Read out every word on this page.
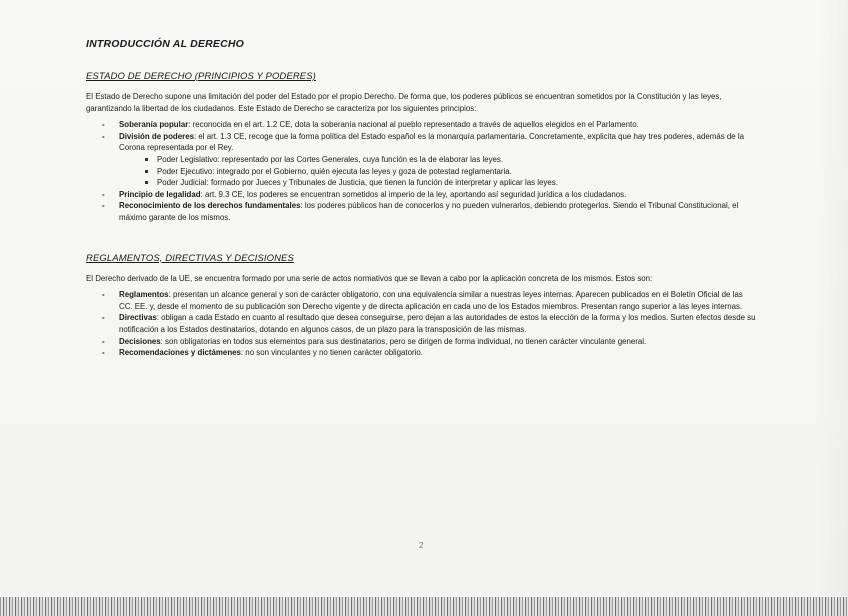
INTRODUCCIÓN AL DERECHO
ESTADO DE DERECHO (PRINCIPIOS Y PODERES)

El Estado de Derecho supone una limitación del poder del Estado por el propio Derecho. De forma que, los poderes públicos se encuentran sometidos por la Constitución y las leyes, garantizando la libertad de los ciudadanos. Este Estado de Derecho se caracteriza por los siguientes principios:

- Soberanía popular: reconocida en el art. 1.2 CE, dota la soberanía nacional al pueblo representado a través de aquellos elegidos en el Parlamento.
- División de poderes: el art. 1.3 CE, recoge que la forma política del Estado español es la monarquía parlamentaria. Concretamente, explicita que hay tres poderes, además de la Corona representada por el Rey.
Poder Legislativo: representado por las Cortes Generales, cuya función es la de elaborar las leyes.
Poder Ejecutivo: integrado por el Gobierno, quién ejecuta las leyes y goza de potestad reglamentaria.
Poder Judicial: formado por Jueces y Tribunales de Justicia, que tienen la función de interpretar y aplicar las leyes.
- Principio de legalidad: art. 9.3 CE, los poderes se encuentran sometidos al imperio de la ley, aportando así seguridad jurídica a los ciudadanos.
- Reconocimiento de los derechos fundamentales: los poderes públicos han de conocerlos y no pueden vulnerarlos, debiendo protegerlos. Siendo el Tribunal Constitucional, el máximo garante de los mismos.
REGLAMENTOS, DIRECTIVAS Y DECISIONES

El Derecho derivado de la UE, se encuentra formado por una serie de actos normativos que se llevan a cabo por la aplicación concreta de los mismos. Estos son:

- Reglamentos: presentan un alcance general y son de carácter obligatorio, con una equivalencia similar a nuestras leyes internas. Aparecen publicados en el Boletín Oficial de las CC. EE. y, desde el momento de su publicación son Derecho vigente y de directa aplicación en cada uno de los Estados miembros. Presentan rango superior a las leyes internas.
- Directivas: obligan a cada Estado en cuanto al resultado que desea conseguirse, pero dejan a las autoridades de estos la elección de la forma y los medios. Surten efectos desde su notificación a los Estados destinatarios, dotando en algunos casos, de un plazo para la transposición de las mismas.
- Decisiones: son obligatorias en todos sus elementos para sus destinatarios, pero se dirigen de forma individual, no tienen carácter vinculante general.
- Recomendaciones y dictámenes: no son vinculantes y no tienen carácter obligatorio.
2
